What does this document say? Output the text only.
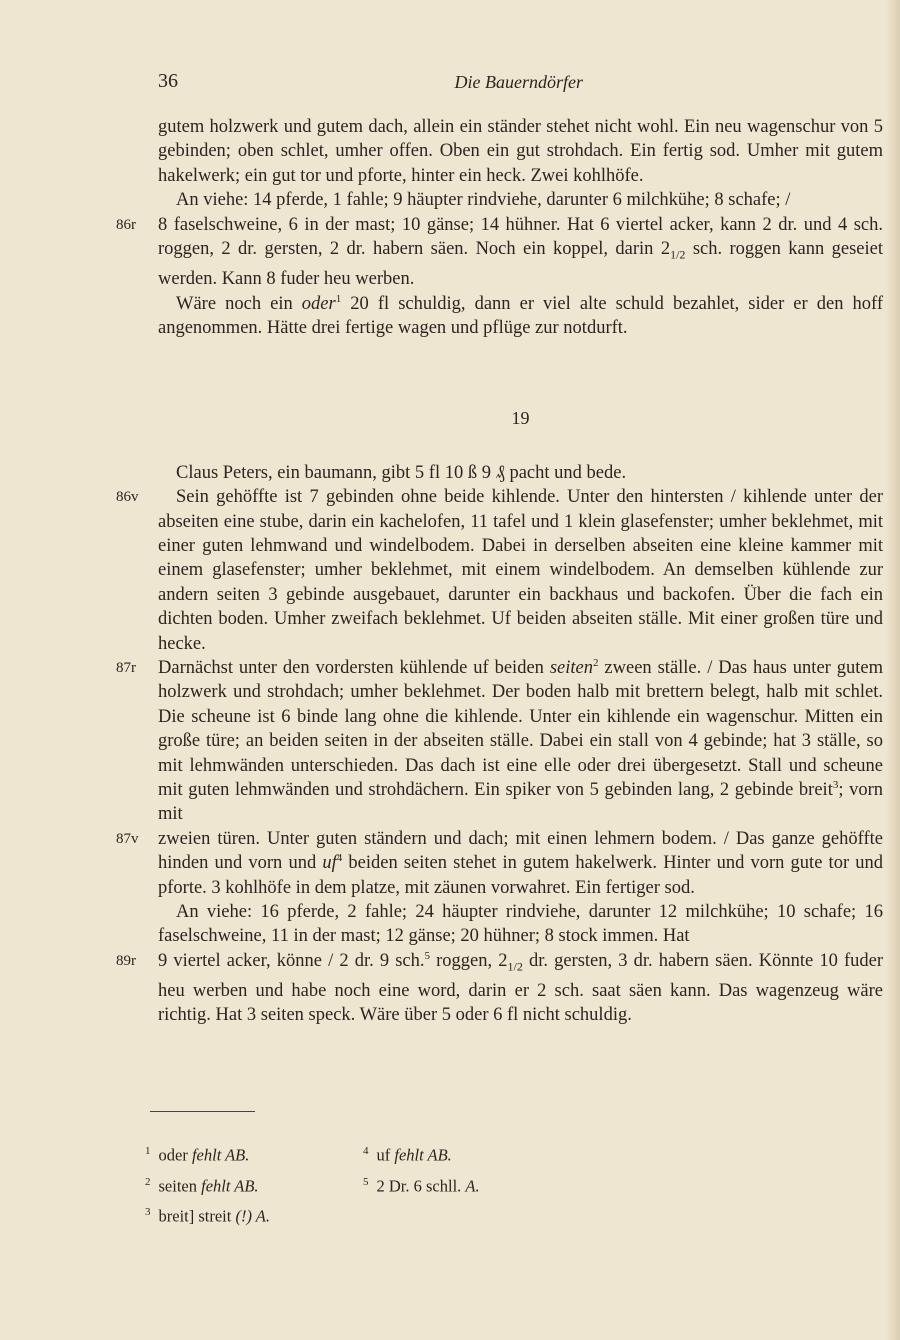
36	Die Bauerndörfer

gutem holzwerk und gutem dach, allein ein ständer stehet nicht wohl. Ein neu wagenschur von 5 gebinden; oben schlet, umher offen. Oben ein gut strohdach. Ein fertig sod. Umher mit gutem hakelwerk; ein gut tor und pforte, hinter ein heck. Zwei kohlhöfe.

An viehe: 14 pferde, 1 fahle; 9 häupter rindviehe, darunter 6 milchkühe; 8 schafe; /

86r	8 faselschweine, 6 in der mast; 10 gänse; 14 hühner. Hat 6 viertel acker, kann 2 dr. und 4 sch. roggen, 2 dr. gersten, 2 dr. habern säen. Noch ein koppel, darin $2_{1/2}$ sch. roggen kann geseiet werden. Kann 8 fuder heu werben.

Wäre noch ein oder$^1$ 20 fl schuldig, dann er viel alte schuld bezahlet, sider er den hoff angenommen. Hätte drei fertige wagen und pflüge zur notdurft.

19

Claus Peters, ein baumann, gibt 5 fl 10 ß 9 ₰ pacht und bede.

86v	Sein gehöffte ist 7 gebinden ohne beide kihlende. Unter den hintersten / kihlende unter der abseiten eine stube, darin ein kachelofen, 11 tafel und 1 klein glasefenster; umher beklehmet, mit einer guten lehmwand und windelbodem. Dabei in derselben abseiten eine kleine kammer mit einem glasefenster; umher beklehmet, mit einem windelbodem. An demselben kühlende zur andern seiten 3 gebinde ausgebauet, darunter ein backhaus und backofen. Über die fach ein dichten boden. Umher zweifach beklehmet. Uf beiden abseiten ställe. Mit einer großen türe und hecke.

87r	Darnächst unter den vordersten kühlende uf beiden seiten$^2$ zween ställe. / Das haus unter gutem holzwerk und strohdach; umher beklehmet. Der boden halb mit brettern belegt, halb mit schlet. Die scheune ist 6 binde lang ohne die kihlende. Unter ein kihlende ein wagenschur. Mitten ein große türe; an beiden seiten in der abseiten ställe. Dabei ein stall von 4 gebinde; hat 3 ställe, so mit lehmwänden unterschieden. Das dach ist eine elle oder drei übergesetzt. Stall und scheune mit guten lehmwänden und strohdächern. Ein spiker von 5 gebinden lang, 2 gebinde breit$^3$; vorn mit

87v	zweien türen. Unter guten ständern und dach; mit einen lehmern bodem. / Das ganze gehöffte hinden und vorn und uf$^4$ beiden seiten stehet in gutem hakelwerk. Hinter und vorn gute tor und pforte. 3 kohlhöfe in dem platze, mit zäunen vorwahret. Ein fertiger sod.

An viehe: 16 pferde, 2 fahle; 24 häupter rindviehe, darunter 12 milchkühe; 10 schafe; 16 faselschweine, 11 in der mast; 12 gänse; 20 hühner; 8 stock immen. Hat

89r	9 viertel acker, könne / 2 dr. 9 sch.$^5$ roggen, $2_{1/2}$ dr. gersten, 3 dr. habern säen. Könnte 10 fuder heu werben und habe noch eine word, darin er 2 sch. saat säen kann. Das wagenzeug wäre richtig. Hat 3 seiten speck. Wäre über 5 oder 6 fl nicht schuldig.

$^1$ oder fehlt AB.
$^2$ seiten fehlt AB.
$^3$ breit] streit (!) A.
$^4$ uf fehlt AB.
$^5$ 2 Dr. 6 schll. A.
